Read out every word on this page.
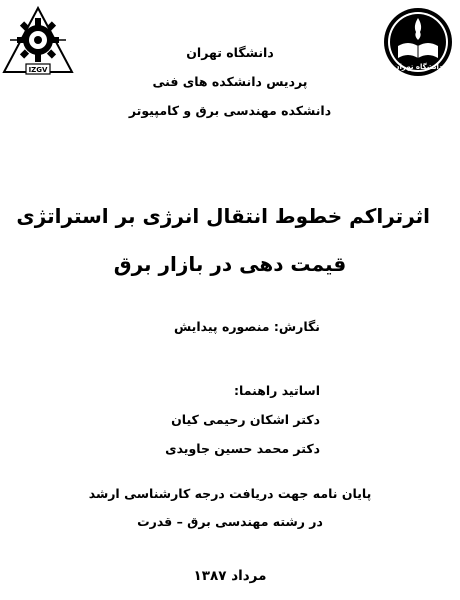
IZGV	دانشگاه تهران
دانشگاه تهران
پردیس دانشکده های فنی
دانشکده مهندسی برق و کامپیوتر
اثرتراکم خطوط انتقال انرژی بر استراتژی
قیمت دهی در بازار برق
نگارش: منصوره پیدایش
اساتید راهنما:
دکتر اشکان رحیمی کیان
دکتر محمد حسین جاویدی
پایان نامه جهت دریافت درجه کارشناسی ارشد
در رشته مهندسی برق – قدرت
مرداد ۱۳۸۷
